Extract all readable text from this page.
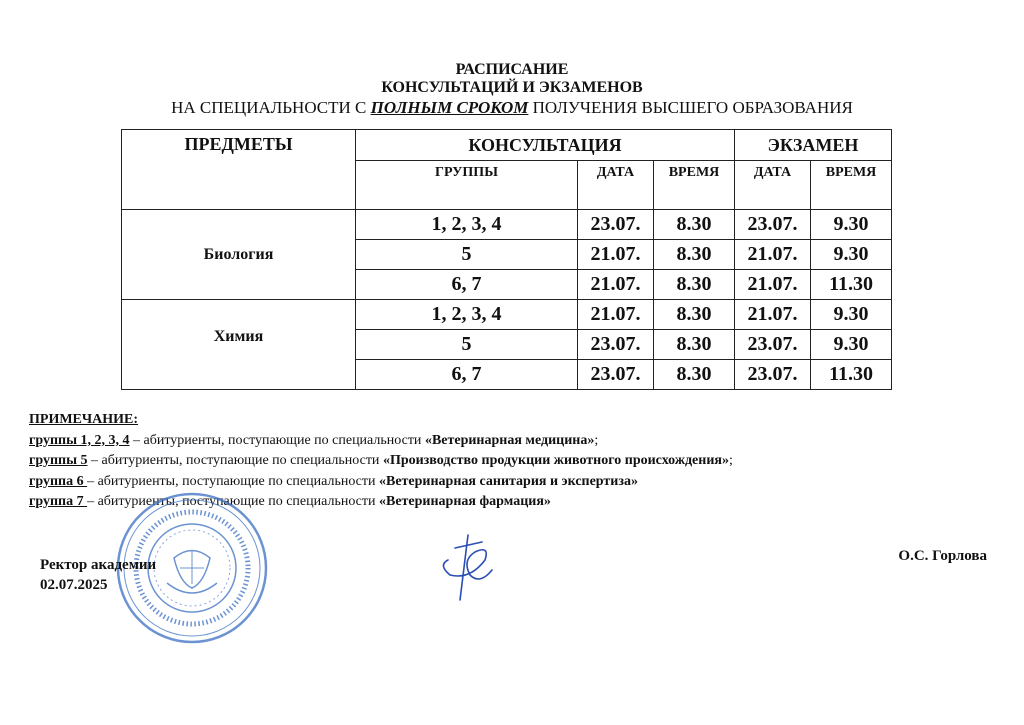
РАСПИСАНИЕ
КОНСУЛЬТАЦИЙ И ЭКЗАМЕНОВ
НА СПЕЦИАЛЬНОСТИ С ПОЛНЫМ СРОКОМ ПОЛУЧЕНИЯ ВЫСШЕГО ОБРАЗОВАНИЯ
ПРЕДМЕТЫ	КОНСУЛЬТАЦИЯ			ЭКЗАМЕН	
	ГРУППЫ	ДАТА	ВРЕМЯ	ДАТА	ВРЕМЯ
Биология	1, 2, 3, 4	23.07.	8.30	23.07.	9.30
	5	21.07.	8.30	21.07.	9.30
	6, 7	21.07.	8.30	21.07.	11.30
Химия	1, 2, 3, 4	21.07.	8.30	21.07.	9.30
	5	23.07.	8.30	23.07.	9.30
	6, 7	23.07.	8.30	23.07.	11.30
ПРИМЕЧАНИЕ:
группы 1, 2, 3, 4 – абитуриенты, поступающие по специальности «Ветеринарная медицина»;
группы 5 – абитуриенты, поступающие по специальности «Производство продукции животного происхождения»;
группа 6 – абитуриенты, поступающие по специальности «Ветеринарная санитария и экспертиза»
группа 7 – абитуриенты, поступающие по специальности «Ветеринарная фармация»
Ректор академии
02.07.2025
О.С. Горлова
